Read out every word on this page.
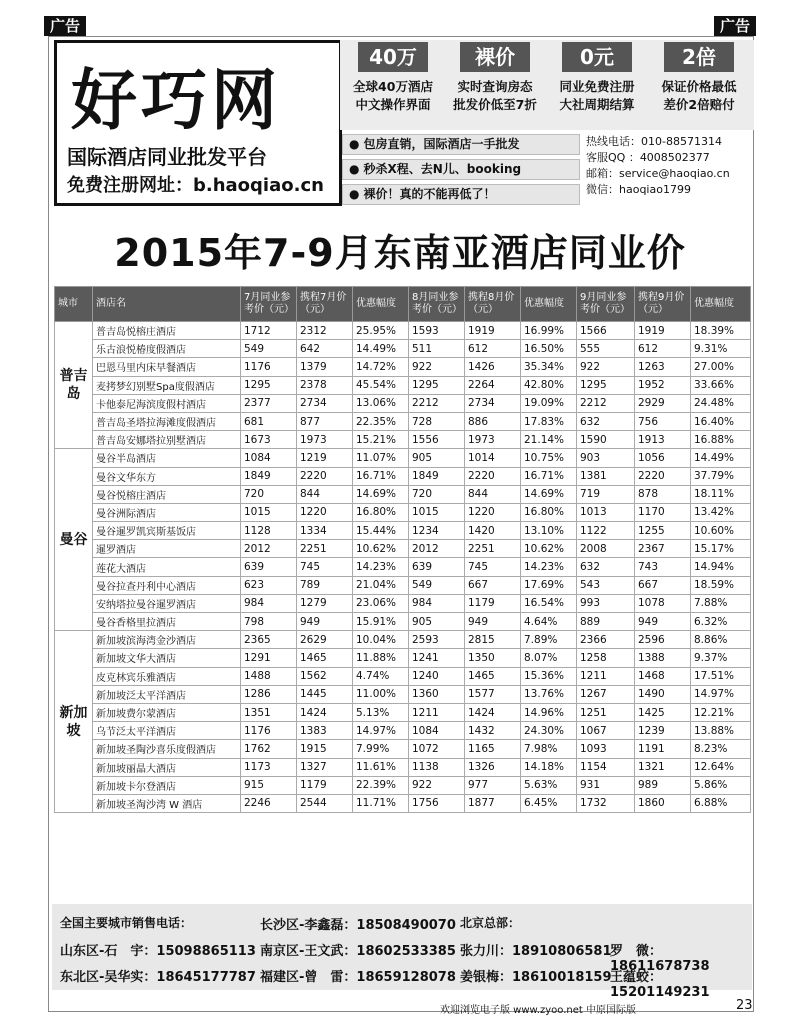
广告	广告
好巧网
国际酒店同业批发平台
免费注册网址：b.haoqiao.cn
40万
全球40万酒店
中文操作界面
裸价
实时查询房态
批发价低至7折
0元
同业免费注册
大社周期结算
2倍
保证价格最低
差价2倍赔付
● 包房直销，国际酒店一手批发
● 秒杀X程、去N儿、booking
● 裸价！真的不能再低了！
热线电话：010-88571314
客服QQ ：4008502377
邮箱：service@haoqiao.cn
微信：haoqiao1799
2015年7-9月东南亚酒店同业价
城市	酒店名	7月同业参考价（元）	携程7月价（元）	优惠幅度	8月同业参考价（元）	携程8月价（元）	优惠幅度	9月同业参考价（元）	携程9月价（元）	优惠幅度
普吉岛	普吉岛悦榕庄酒店	1712	2312	25.95%	1593	1919	16.99%	1566	1919	18.39%
	乐古浪悦椿度假酒店	549	642	14.49%	511	612	16.50%	555	612	9.31%
	巴恩马里内床早餐酒店	1176	1379	14.72%	922	1426	35.34%	922	1263	27.00%
	麦拷梦幻别墅Spa度假酒店	1295	2378	45.54%	1295	2264	42.80%	1295	1952	33.66%
	卡他泰尼海滨度假村酒店	2377	2734	13.06%	2212	2734	19.09%	2212	2929	24.48%
	普吉岛圣塔拉海滩度假酒店	681	877	22.35%	728	886	17.83%	632	756	16.40%
	普吉岛安娜塔拉别墅酒店	1673	1973	15.21%	1556	1973	21.14%	1590	1913	16.88%
曼谷	曼谷半岛酒店	1084	1219	11.07%	905	1014	10.75%	903	1056	14.49%
	曼谷文华东方	1849	2220	16.71%	1849	2220	16.71%	1381	2220	37.79%
	曼谷悦榕庄酒店	720	844	14.69%	720	844	14.69%	719	878	18.11%
	曼谷洲际酒店	1015	1220	16.80%	1015	1220	16.80%	1013	1170	13.42%
	曼谷暹罗凯宾斯基饭店	1128	1334	15.44%	1234	1420	13.10%	1122	1255	10.60%
	暹罗酒店	2012	2251	10.62%	2012	2251	10.62%	2008	2367	15.17%
	莲花大酒店	639	745	14.23%	639	745	14.23%	632	743	14.94%
	曼谷拉查丹利中心酒店	623	789	21.04%	549	667	17.69%	543	667	18.59%
	安纳塔拉曼谷暹罗酒店	984	1279	23.06%	984	1179	16.54%	993	1078	7.88%
	曼谷香格里拉酒店	798	949	15.91%	905	949	4.64%	889	949	6.32%
新加坡	新加坡滨海湾金沙酒店	2365	2629	10.04%	2593	2815	7.89%	2366	2596	8.86%
	新加坡文华大酒店	1291	1465	11.88%	1241	1350	8.07%	1258	1388	9.37%
	皮克林宾乐雅酒店	1488	1562	4.74%	1240	1465	15.36%	1211	1468	17.51%
	新加坡泛太平洋酒店	1286	1445	11.00%	1360	1577	13.76%	1267	1490	14.97%
	新加坡费尔蒙酒店	1351	1424	5.13%	1211	1424	14.96%	1251	1425	12.21%
	乌节泛太平洋酒店	1176	1383	14.97%	1084	1432	24.30%	1067	1239	13.88%
	新加坡圣陶沙喜乐度假酒店	1762	1915	7.99%	1072	1165	7.98%	1093	1191	8.23%
	新加坡丽晶大酒店	1173	1327	11.61%	1138	1326	14.18%	1154	1321	12.64%
	新加坡卡尔登酒店	915	1179	22.39%	922	977	5.63%	931	989	5.86%
	新加坡圣淘沙湾 W 酒店	2246	2544	11.71%	1756	1877	6.45%	1732	1860	6.88%
全国主要城市销售电话：	长沙区-李鑫磊：18508490070 北京总部：
山东区-石　宇：15098865113 南京区-王文武：18602533385 张力川：18910806581
罗　微：18611678738
东北区-吴华实：18645177787 福建区-曾　雷：18659128078 姜银梅：18610018159
王蕴蛟：15201149231
欢迎浏览电子版 www.zyoo.net 中原国际版	23
